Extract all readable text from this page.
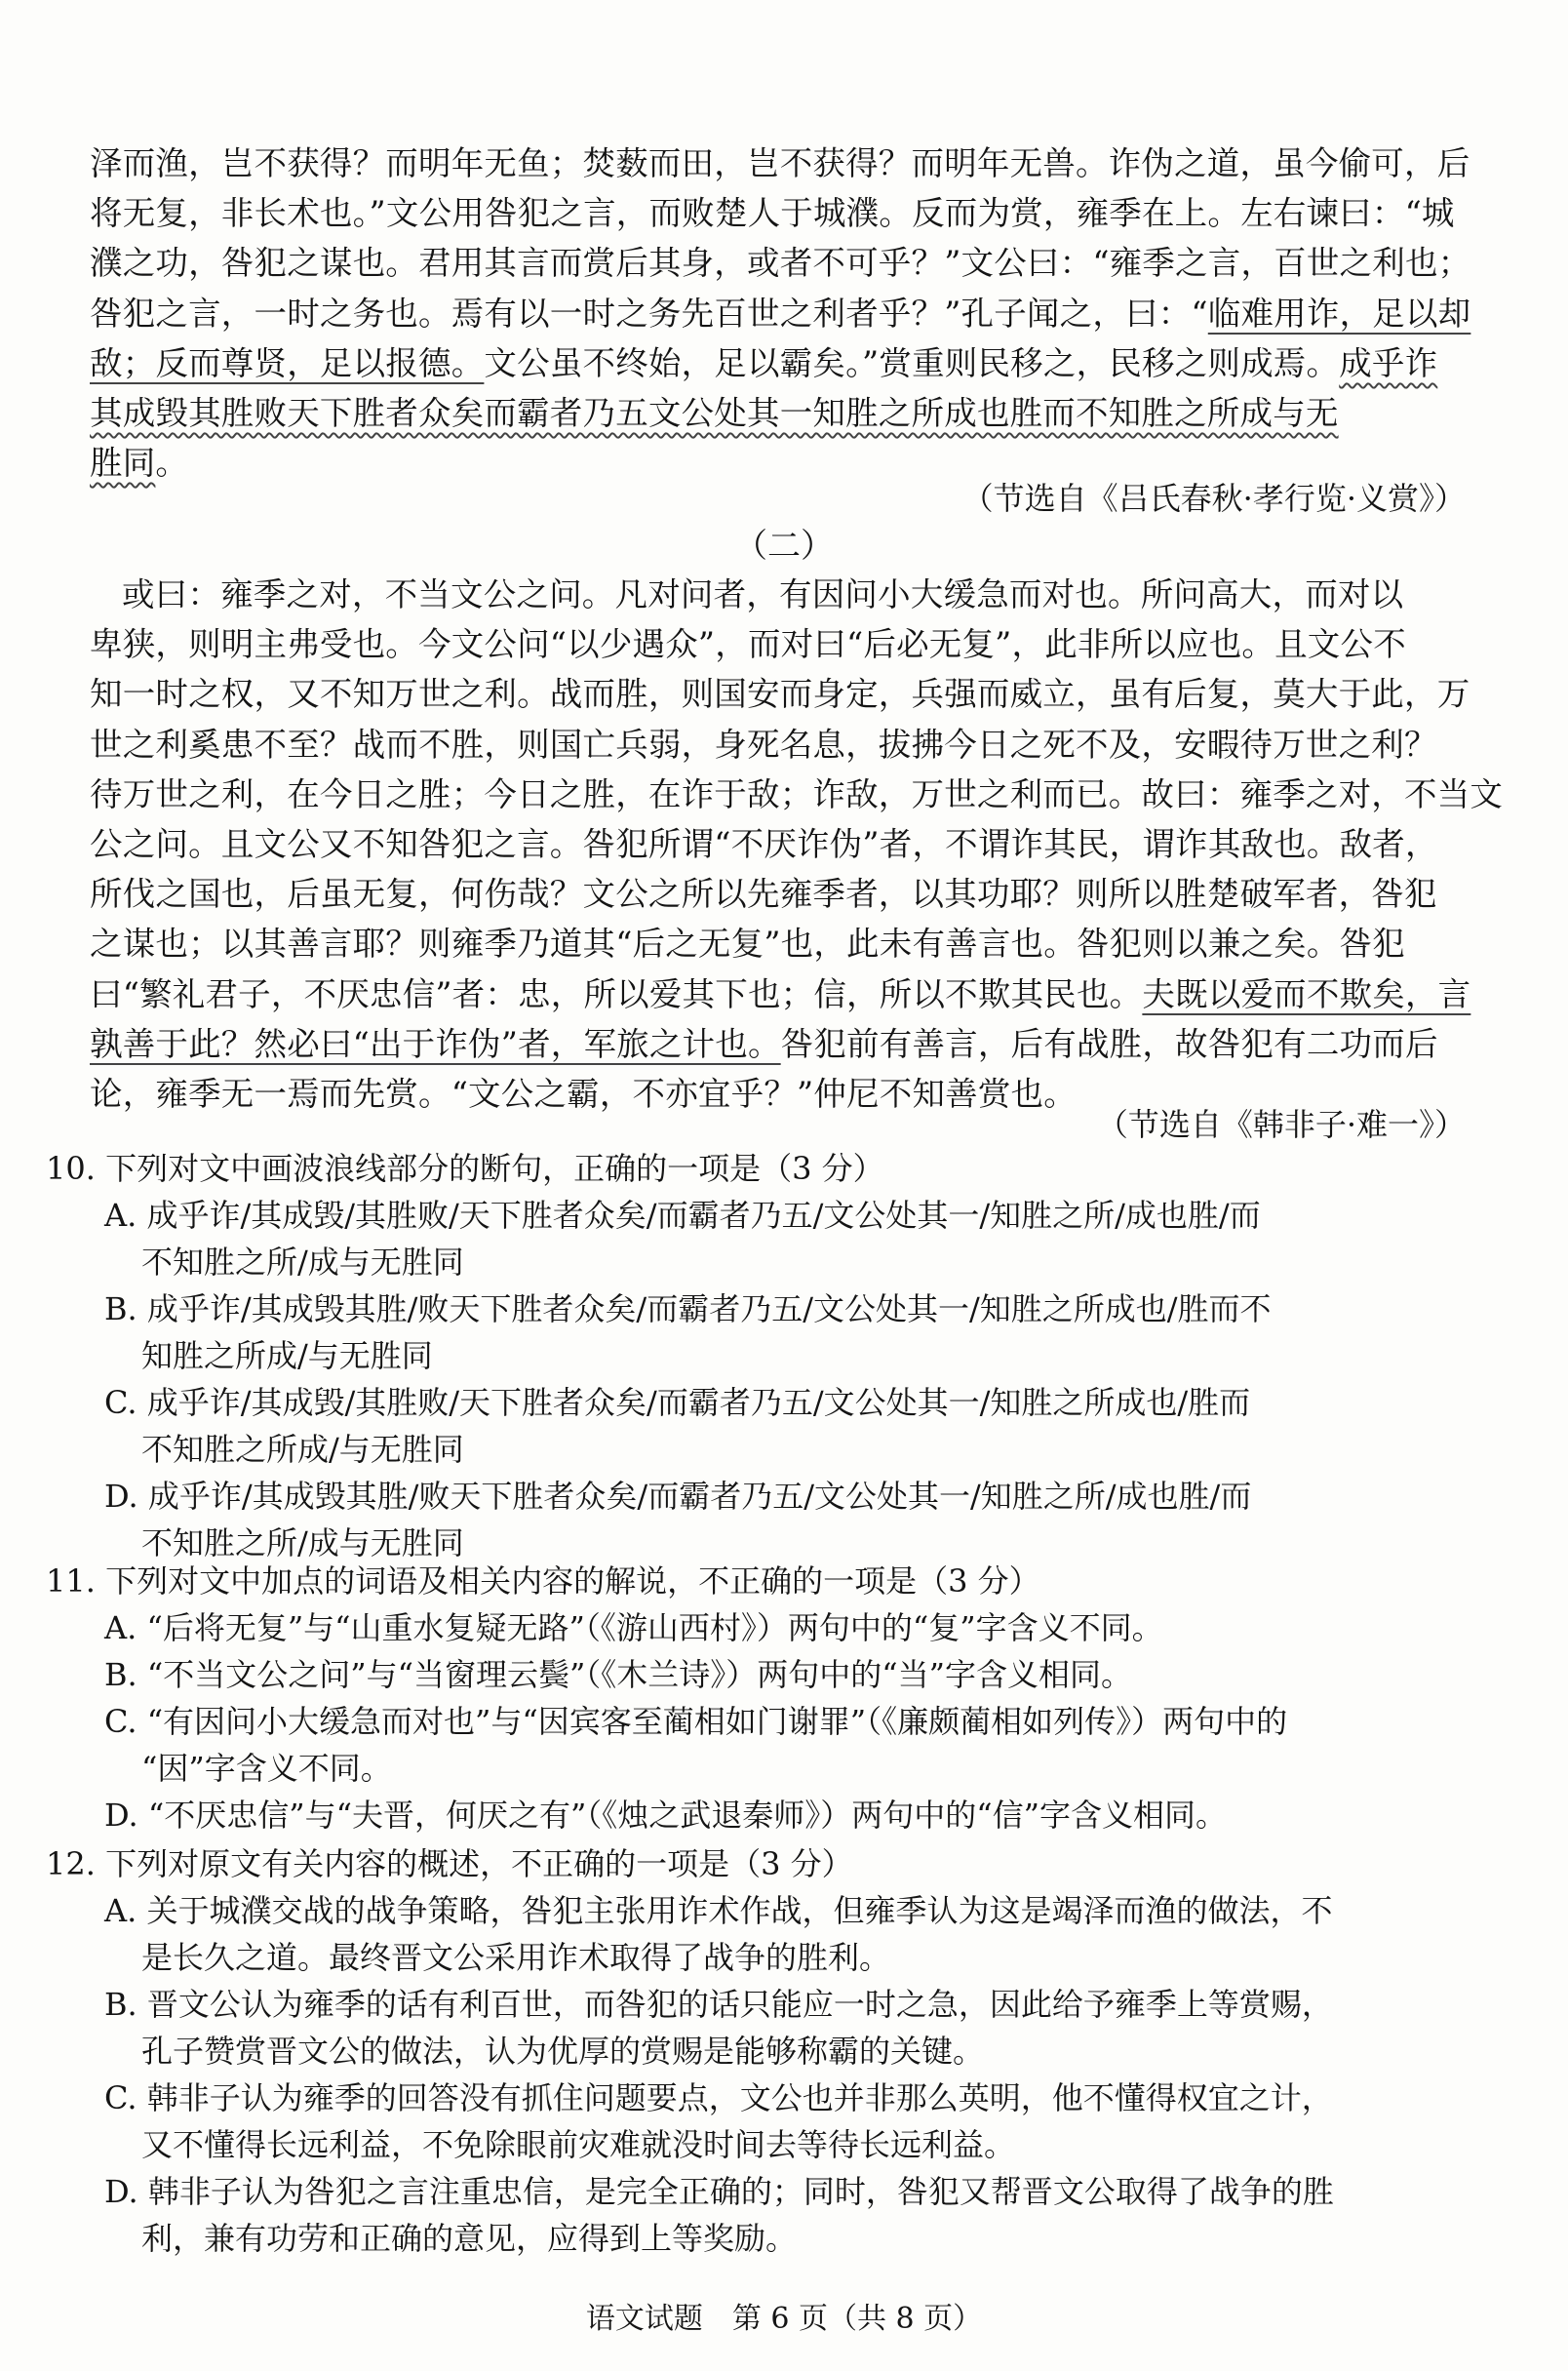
泽而渔，岂不获得？而明年无鱼；焚薮而田，岂不获得？而明年无兽。诈伪之道，虽今偷可，后
将无复，非长术也。”文公用咎犯之言，而败楚人于城濮。反而为赏，雍季在上。左右谏曰：“城
濮之功，咎犯之谋也。君用其言而赏后其身，或者不可乎？”文公曰：“雍季之言，百世之利也；
咎犯之言，一时之务也。焉有以一时之务先百世之利者乎？”孔子闻之，曰：“临难用诈，足以却
敌；反而尊贤，足以报德。文公虽不终始，足以霸矣。”赏重则民移之，民移之则成焉。成乎诈
其成毁其胜败天下胜者众矣而霸者乃五文公处其一知胜之所成也胜而不知胜之所成与无
胜同。
（节选自《吕氏春秋·孝行览·义赏》）
（二）
或曰：雍季之对，不当文公之问。凡对问者，有因问小大缓急而对也。所问高大，而对以
卑狭，则明主弗受也。今文公问“以少遇众”，而对曰“后必无复”，此非所以应也。且文公不
知一时之权，又不知万世之利。战而胜，则国安而身定，兵强而威立，虽有后复，莫大于此，万
世之利奚患不至？战而不胜，则国亡兵弱，身死名息，拔拂今日之死不及，安暇待万世之利？
待万世之利，在今日之胜；今日之胜，在诈于敌；诈敌，万世之利而已。故曰：雍季之对，不当文
公之问。且文公又不知咎犯之言。咎犯所谓“不厌诈伪”者，不谓诈其民，谓诈其敌也。敌者，
所伐之国也，后虽无复，何伤哉？文公之所以先雍季者，以其功耶？则所以胜楚破军者，咎犯
之谋也；以其善言耶？则雍季乃道其“后之无复”也，此未有善言也。咎犯则以兼之矣。咎犯
曰“繁礼君子，不厌忠信”者：忠，所以爱其下也；信，所以不欺其民也。夫既以爱而不欺矣，言
孰善于此？然必曰“出于诈伪”者，军旅之计也。咎犯前有善言，后有战胜，故咎犯有二功而后
论，雍季无一焉而先赏。“文公之霸，不亦宜乎？”仲尼不知善赏也。
（节选自《韩非子·难一》）
10. 下列对文中画波浪线部分的断句，正确的一项是（3 分）
A. 成乎诈/其成毁/其胜败/天下胜者众矣/而霸者乃五/文公处其一/知胜之所/成也胜/而
不知胜之所/成与无胜同
B. 成乎诈/其成毁其胜/败天下胜者众矣/而霸者乃五/文公处其一/知胜之所成也/胜而不
知胜之所成/与无胜同
C. 成乎诈/其成毁/其胜败/天下胜者众矣/而霸者乃五/文公处其一/知胜之所成也/胜而
不知胜之所成/与无胜同
D. 成乎诈/其成毁其胜/败天下胜者众矣/而霸者乃五/文公处其一/知胜之所/成也胜/而
不知胜之所/成与无胜同
11. 下列对文中加点的词语及相关内容的解说，不正确的一项是（3 分）
A. “后将无复”与“山重水复疑无路”（《游山西村》）两句中的“复”字含义不同。
B. “不当文公之问”与“当窗理云鬓”（《木兰诗》）两句中的“当”字含义相同。
C. “有因问小大缓急而对也”与“因宾客至蔺相如门谢罪”（《廉颇蔺相如列传》）两句中的
“因”字含义不同。
D. “不厌忠信”与“夫晋，何厌之有”（《烛之武退秦师》）两句中的“信”字含义相同。
12. 下列对原文有关内容的概述，不正确的一项是（3 分）
A. 关于城濮交战的战争策略，咎犯主张用诈术作战，但雍季认为这是竭泽而渔的做法，不
是长久之道。最终晋文公采用诈术取得了战争的胜利。
B. 晋文公认为雍季的话有利百世，而咎犯的话只能应一时之急，因此给予雍季上等赏赐，
孔子赞赏晋文公的做法，认为优厚的赏赐是能够称霸的关键。
C. 韩非子认为雍季的回答没有抓住问题要点，文公也并非那么英明，他不懂得权宜之计，
又不懂得长远利益，不免除眼前灾难就没时间去等待长远利益。
D. 韩非子认为咎犯之言注重忠信，是完全正确的；同时，咎犯又帮晋文公取得了战争的胜
利，兼有功劳和正确的意见，应得到上等奖励。
语文试题　第 6 页（共 8 页）
